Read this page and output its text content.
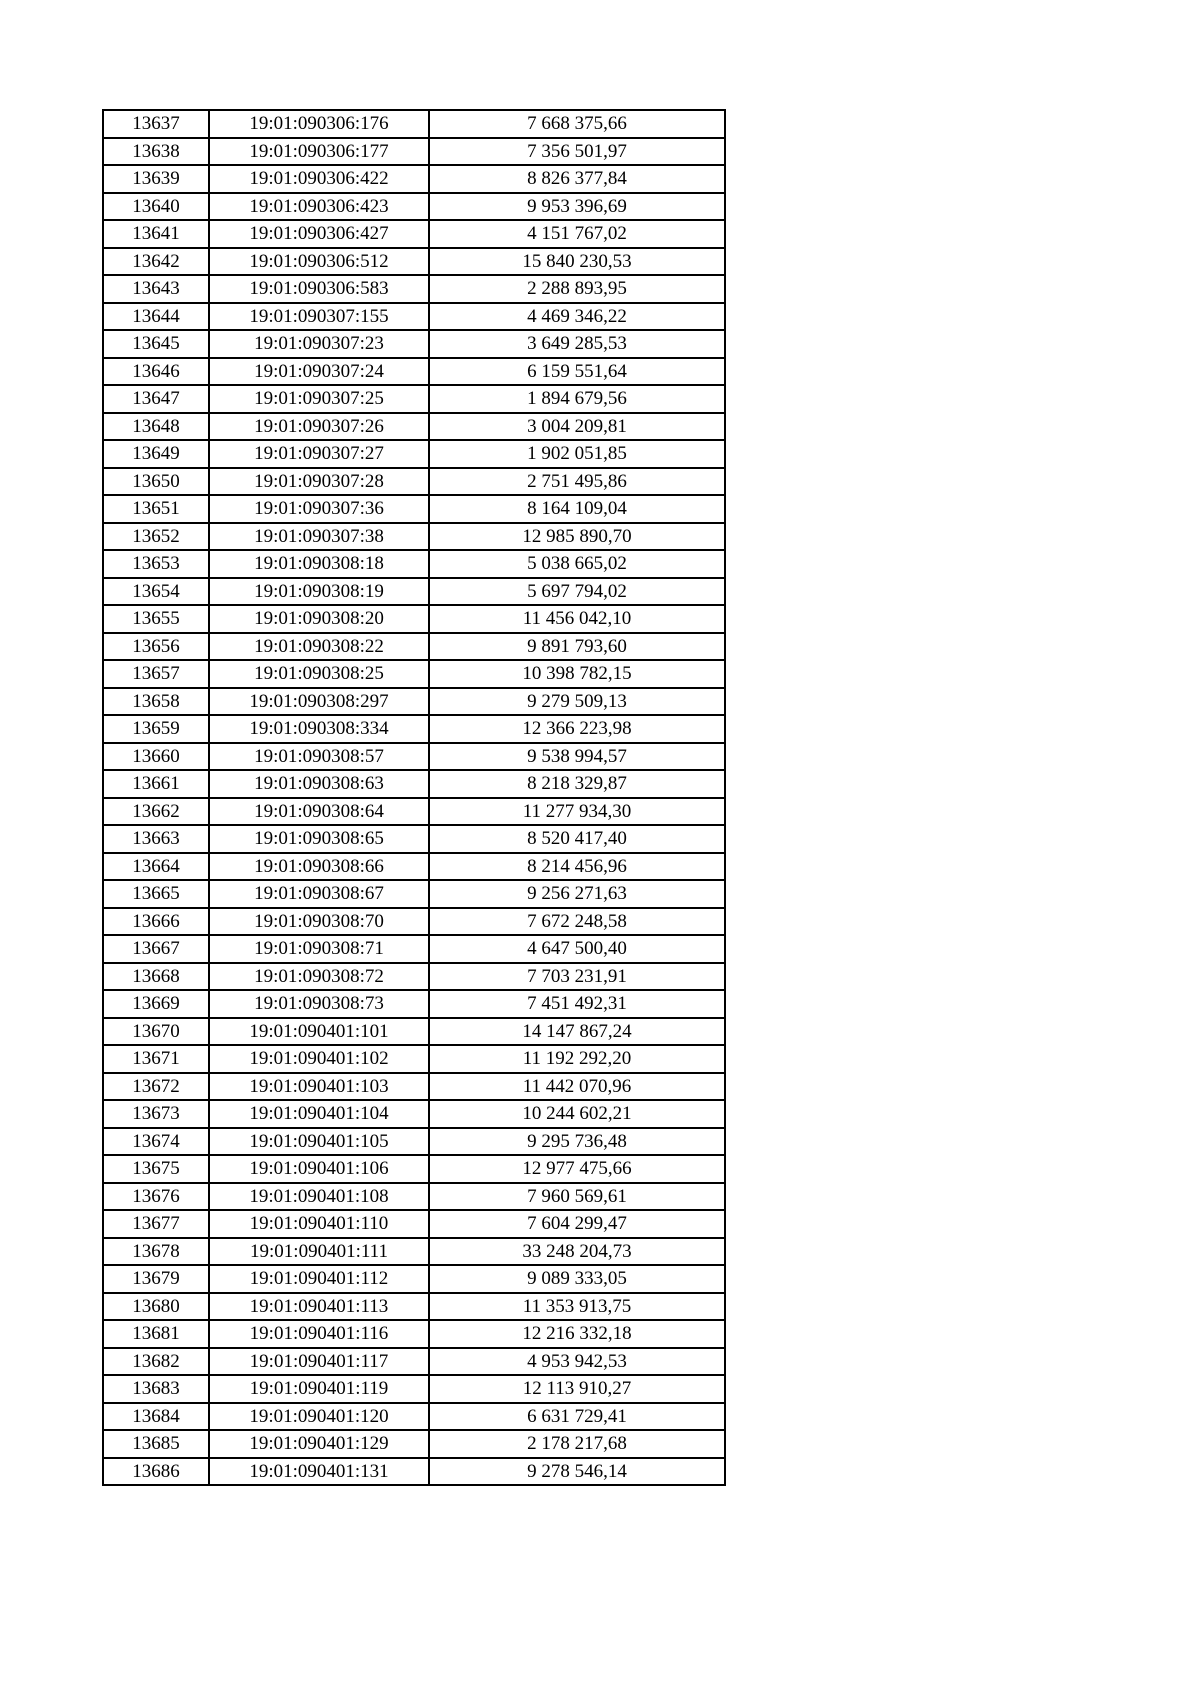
13637	19:01:090306:176	7 668 375,66
13638	19:01:090306:177	7 356 501,97
13639	19:01:090306:422	8 826 377,84
13640	19:01:090306:423	9 953 396,69
13641	19:01:090306:427	4 151 767,02
13642	19:01:090306:512	15 840 230,53
13643	19:01:090306:583	2 288 893,95
13644	19:01:090307:155	4 469 346,22
13645	19:01:090307:23	3 649 285,53
13646	19:01:090307:24	6 159 551,64
13647	19:01:090307:25	1 894 679,56
13648	19:01:090307:26	3 004 209,81
13649	19:01:090307:27	1 902 051,85
13650	19:01:090307:28	2 751 495,86
13651	19:01:090307:36	8 164 109,04
13652	19:01:090307:38	12 985 890,70
13653	19:01:090308:18	5 038 665,02
13654	19:01:090308:19	5 697 794,02
13655	19:01:090308:20	11 456 042,10
13656	19:01:090308:22	9 891 793,60
13657	19:01:090308:25	10 398 782,15
13658	19:01:090308:297	9 279 509,13
13659	19:01:090308:334	12 366 223,98
13660	19:01:090308:57	9 538 994,57
13661	19:01:090308:63	8 218 329,87
13662	19:01:090308:64	11 277 934,30
13663	19:01:090308:65	8 520 417,40
13664	19:01:090308:66	8 214 456,96
13665	19:01:090308:67	9 256 271,63
13666	19:01:090308:70	7 672 248,58
13667	19:01:090308:71	4 647 500,40
13668	19:01:090308:72	7 703 231,91
13669	19:01:090308:73	7 451 492,31
13670	19:01:090401:101	14 147 867,24
13671	19:01:090401:102	11 192 292,20
13672	19:01:090401:103	11 442 070,96
13673	19:01:090401:104	10 244 602,21
13674	19:01:090401:105	9 295 736,48
13675	19:01:090401:106	12 977 475,66
13676	19:01:090401:108	7 960 569,61
13677	19:01:090401:110	7 604 299,47
13678	19:01:090401:111	33 248 204,73
13679	19:01:090401:112	9 089 333,05
13680	19:01:090401:113	11 353 913,75
13681	19:01:090401:116	12 216 332,18
13682	19:01:090401:117	4 953 942,53
13683	19:01:090401:119	12 113 910,27
13684	19:01:090401:120	6 631 729,41
13685	19:01:090401:129	2 178 217,68
13686	19:01:090401:131	9 278 546,14
